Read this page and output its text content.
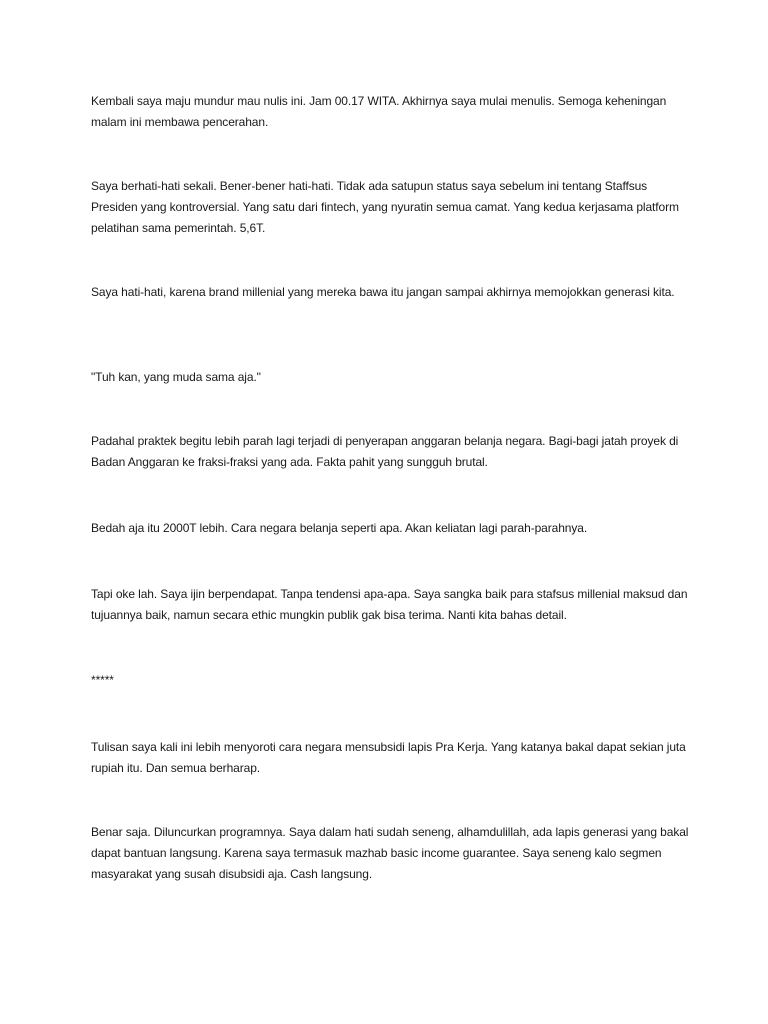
Kembali saya maju mundur mau nulis ini. Jam 00.17 WITA. Akhirnya saya mulai menulis. Semoga keheningan malam ini membawa pencerahan.

Saya berhati-hati sekali. Bener-bener hati-hati. Tidak ada satupun status saya sebelum ini tentang Staffsus Presiden yang kontroversial. Yang satu dari fintech, yang nyuratin semua camat. Yang kedua kerjasama platform pelatihan sama pemerintah. 5,6T.

Saya hati-hati, karena brand millenial yang mereka bawa itu jangan sampai akhirnya memojokkan generasi kita.

"Tuh kan, yang muda sama aja."

Padahal praktek begitu lebih parah lagi terjadi di penyerapan anggaran belanja negara. Bagi-bagi jatah proyek di Badan Anggaran ke fraksi-fraksi yang ada. Fakta pahit yang sungguh brutal.

Bedah aja itu 2000T lebih. Cara negara belanja seperti apa. Akan keliatan lagi parah-parahnya.

Tapi oke lah. Saya ijin berpendapat. Tanpa tendensi apa-apa. Saya sangka baik para stafsus millenial maksud dan tujuannya baik, namun secara ethic mungkin publik gak bisa terima. Nanti kita bahas detail.

*****

Tulisan saya kali ini lebih menyoroti cara negara mensubsidi lapis Pra Kerja. Yang katanya bakal dapat sekian juta rupiah itu. Dan semua berharap.

Benar saja. Diluncurkan programnya. Saya dalam hati sudah seneng, alhamdulillah, ada lapis generasi yang bakal dapat bantuan langsung. Karena saya termasuk mazhab basic income guarantee. Saya seneng kalo segmen masyarakat yang susah disubsidi aja. Cash langsung.
